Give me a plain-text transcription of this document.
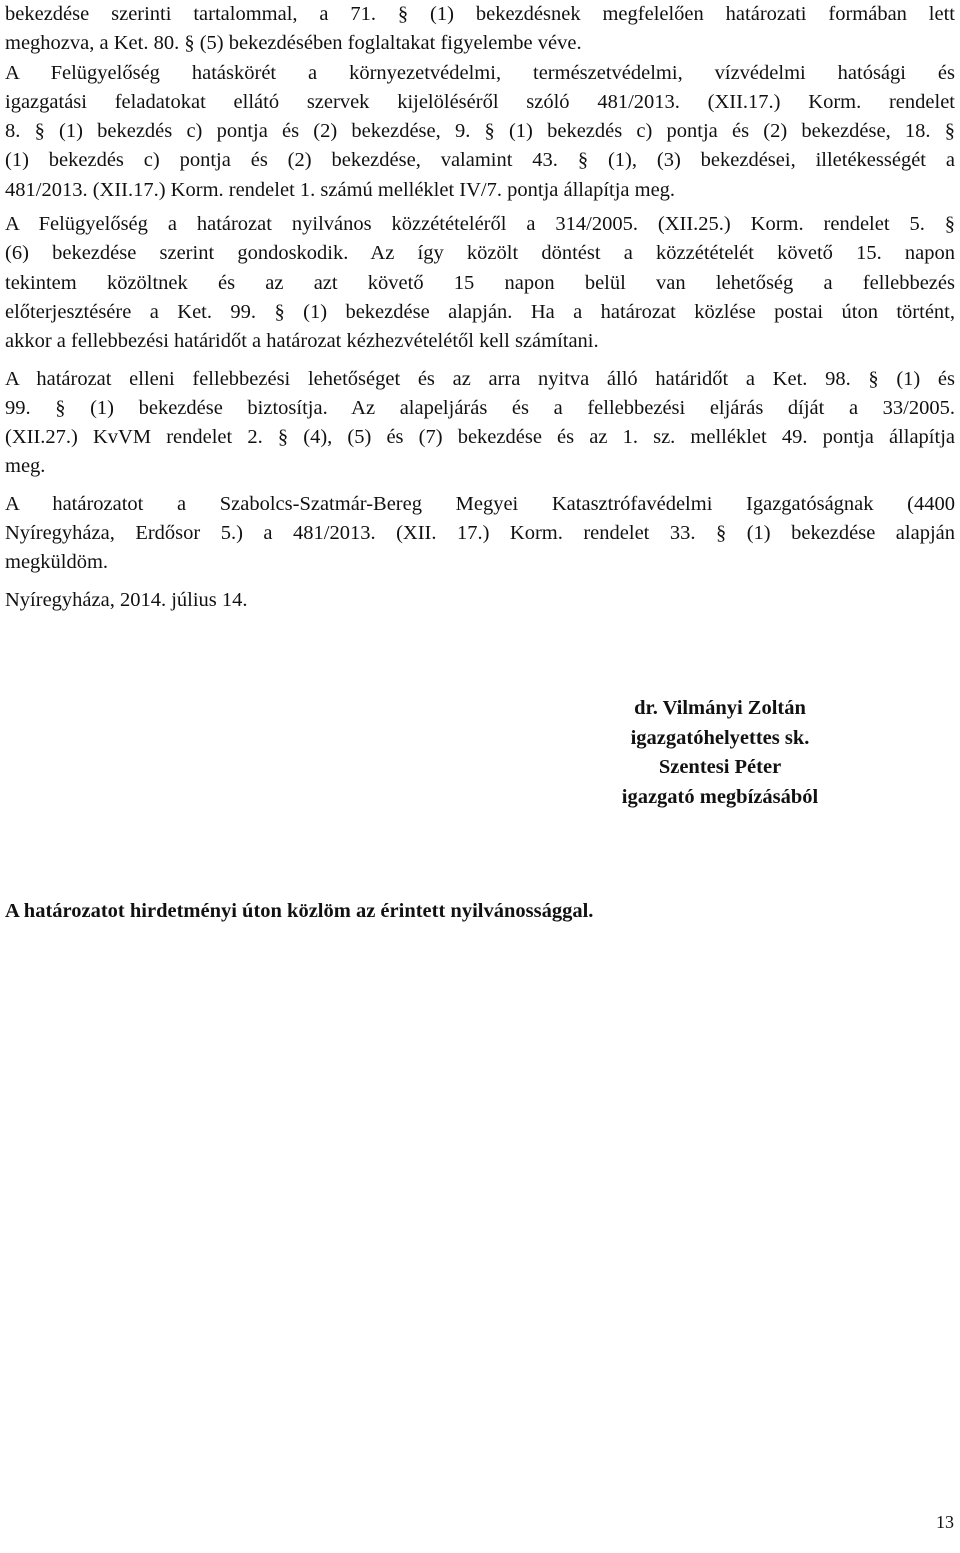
bekezdése szerinti tartalommal, a 71. § (1) bekezdésnek megfelelően határozati formában lett
meghozva, a Ket. 80. § (5) bekezdésében foglaltakat figyelembe véve.

A Felügyelőség hatáskörét a környezetvédelmi, természetvédelmi, vízvédelmi hatósági és
igazgatási feladatokat ellátó szervek kijelöléséről szóló 481/2013. (XII.17.) Korm. rendelet
8. § (1) bekezdés c) pontja és (2) bekezdése, 9. § (1) bekezdés c) pontja és (2) bekezdése, 18. §
(1) bekezdés c) pontja és (2) bekezdése, valamint 43. § (1), (3) bekezdései, illetékességét a
481/2013. (XII.17.) Korm. rendelet 1. számú melléklet IV/7. pontja állapítja meg.

A Felügyelőség a határozat nyilvános közzétételéről a 314/2005. (XII.25.) Korm. rendelet 5. §
(6) bekezdése szerint gondoskodik. Az így közölt döntést a közzétételét követő 15. napon
tekintem közöltnek és az azt követő 15 napon belül van lehetőség a fellebbezés
előterjesztésére a Ket. 99. § (1) bekezdése alapján. Ha a határozat közlése postai úton történt,
akkor a fellebbezési határidőt a határozat kézhezvételétől kell számítani.

A határozat elleni fellebbezési lehetőséget és az arra nyitva álló határidőt a Ket. 98. § (1) és
99. § (1) bekezdése biztosítja. Az alapeljárás és a fellebbezési eljárás díját a 33/2005.
(XII.27.) KvVM rendelet 2. § (4), (5) és (7) bekezdése és az 1. sz. melléklet 49. pontja állapítja
meg.

A határozatot a Szabolcs-Szatmár-Bereg Megyei Katasztrófavédelmi Igazgatóságnak (4400
Nyíregyháza, Erdősor 5.) a 481/2013. (XII. 17.) Korm. rendelet 33. § (1) bekezdése alapján
megküldöm.

Nyíregyháza, 2014. július 14.

dr. Vilmányi Zoltán
igazgatóhelyettes sk.
Szentesi Péter
igazgató megbízásából
A határozatot hirdetményi úton közlöm az érintett nyilvánossággal.
13
